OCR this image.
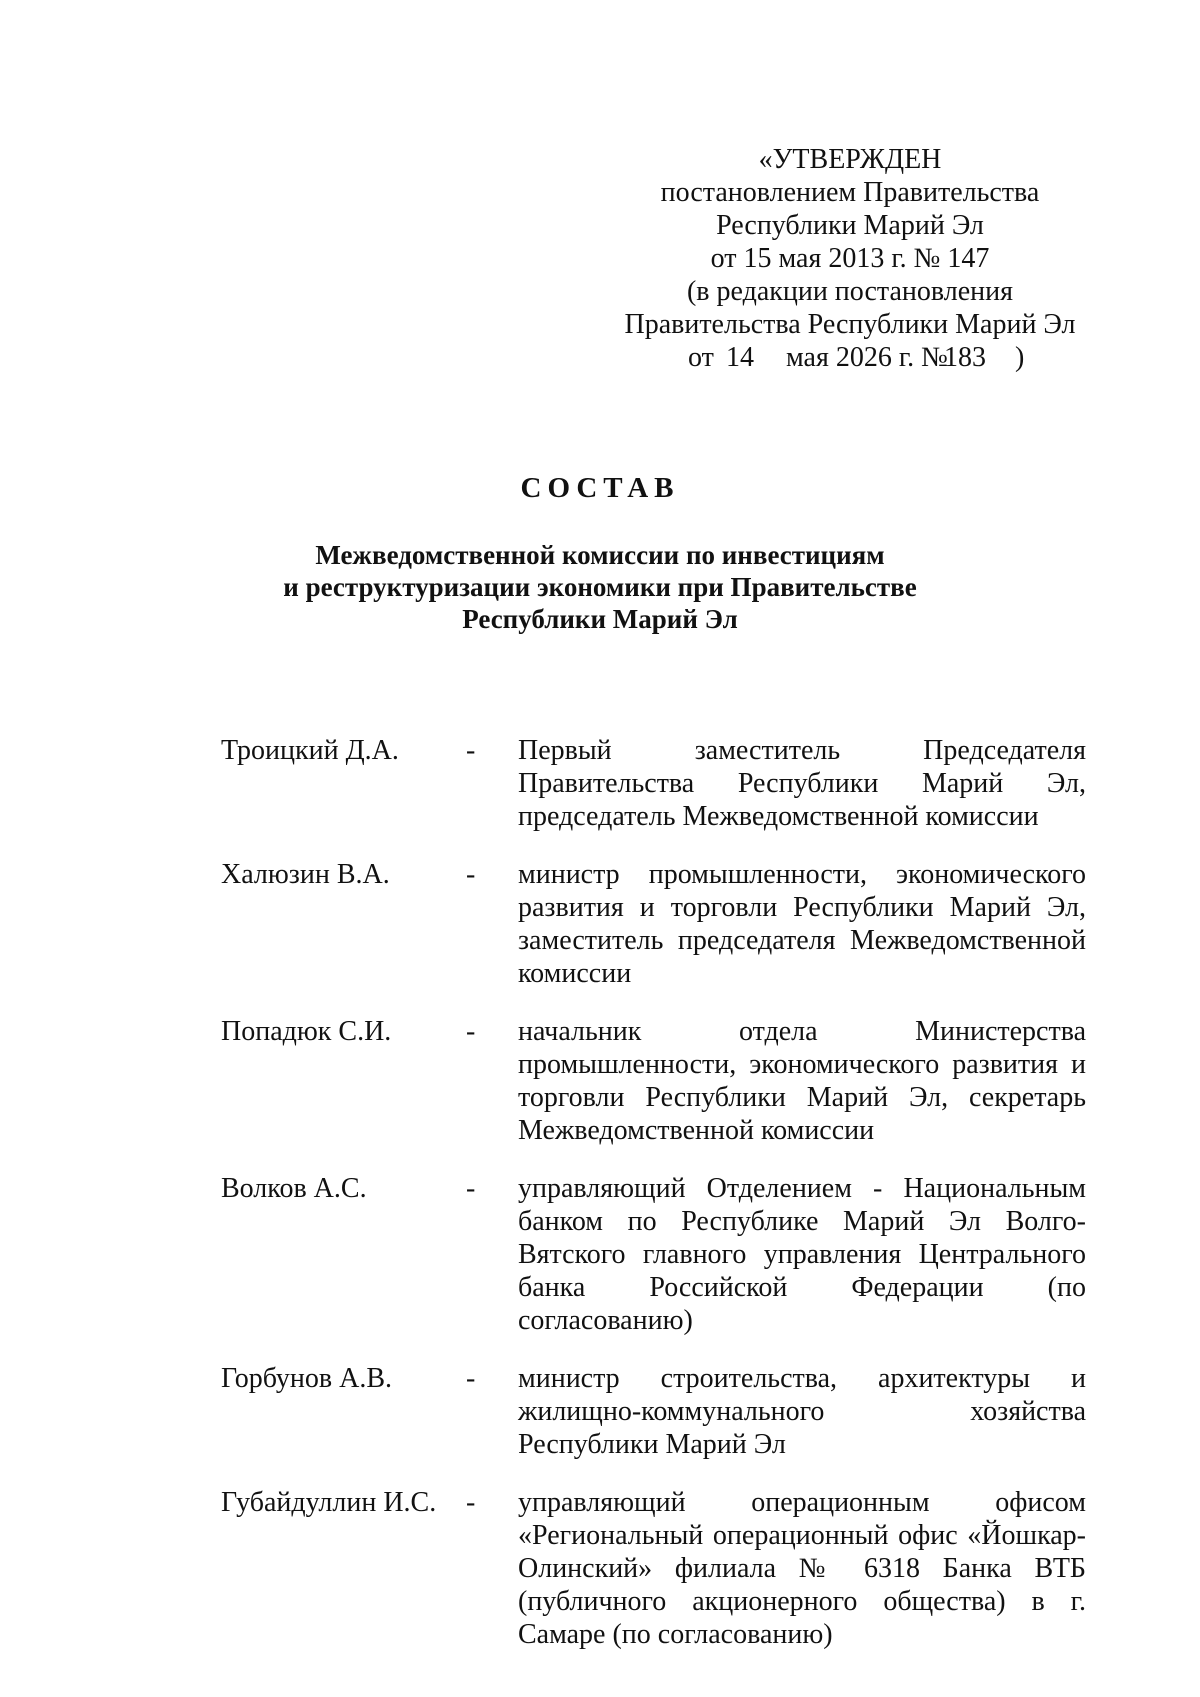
«УТВЕРЖДЕН
постановлением Правительства
Республики Марий Эл
от 15 мая 2013 г. № 147
(в редакции постановления
Правительства Республики Марий Эл
от 14 мая 2026 г. №
183 )
СОСТАВ
Межведомственной комиссии по инвестициям
и реструктуризации экономики при Правительстве
Республики Марий Эл
Троицкий Д.А.	-	Первый заместитель Председателя Правительства Республики Марий Эл, председатель Межведомственной комиссии
Халюзин В.А.	-	министр промышленности, экономического развития и торговли Республики Марий Эл, заместитель председателя Межведомственной комиссии
Попадюк С.И.	-	начальник отдела Министерства промышленности, экономического развития и торговли Республики Марий Эл, секретарь Межведомственной комиссии
Волков А.С.	-	управляющий Отделением - Национальным банком по Республике Марий Эл Волго-Вятского главного управления Центрального банка Российской Федерации (по согласованию)
Горбунов А.В.	-	министр строительства, архитектуры и жилищно-коммунального хозяйства Республики Марий Эл
Губайдуллин И.С.	-	управляющий операционным офисом «Региональный операционный офис «Йошкар-Олинский» филиала № 6318 Банка ВТБ (публичного акционерного общества) в г. Самаре (по согласованию)
